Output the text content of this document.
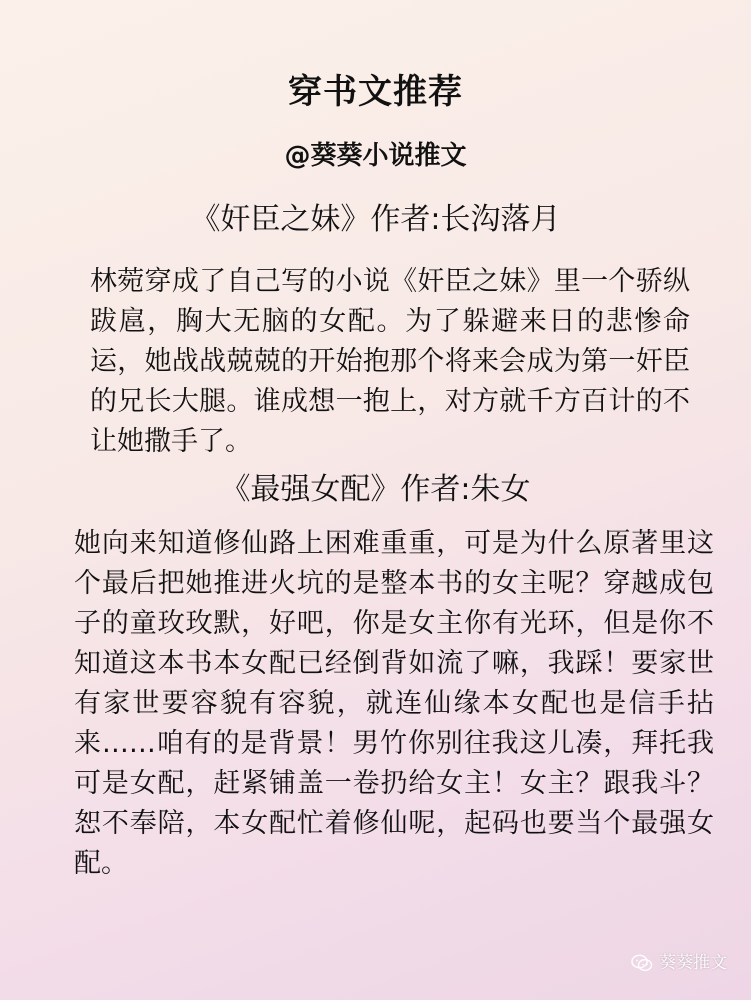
穿书文推荐
@葵葵小说推文
《奸臣之妹》作者:长沟落月
林菀穿成了自己写的小说《奸臣之妹》里一个骄纵跋扈，胸大无脑的女配。为了躲避来日的悲惨命运，她战战兢兢的开始抱那个将来会成为第一奸臣的兄长大腿。谁成想一抱上，对方就千方百计的不让她撒手了。
《最强女配》作者:朱女
她向来知道修仙路上困难重重，可是为什么原著里这个最后把她推进火坑的是整本书的女主呢？穿越成包子的童玫玫默，好吧，你是女主你有光环，但是你不知道这本书本女配已经倒背如流了嘛，我踩！要家世有家世要容貌有容貌，就连仙缘本女配也是信手拈来……咱有的是背景！男竹你别往我这儿凑，拜托我可是女配，赶紧铺盖一卷扔给女主！女主？跟我斗？恕不奉陪，本女配忙着修仙呢，起码也要当个最强女配。
葵葵推文
